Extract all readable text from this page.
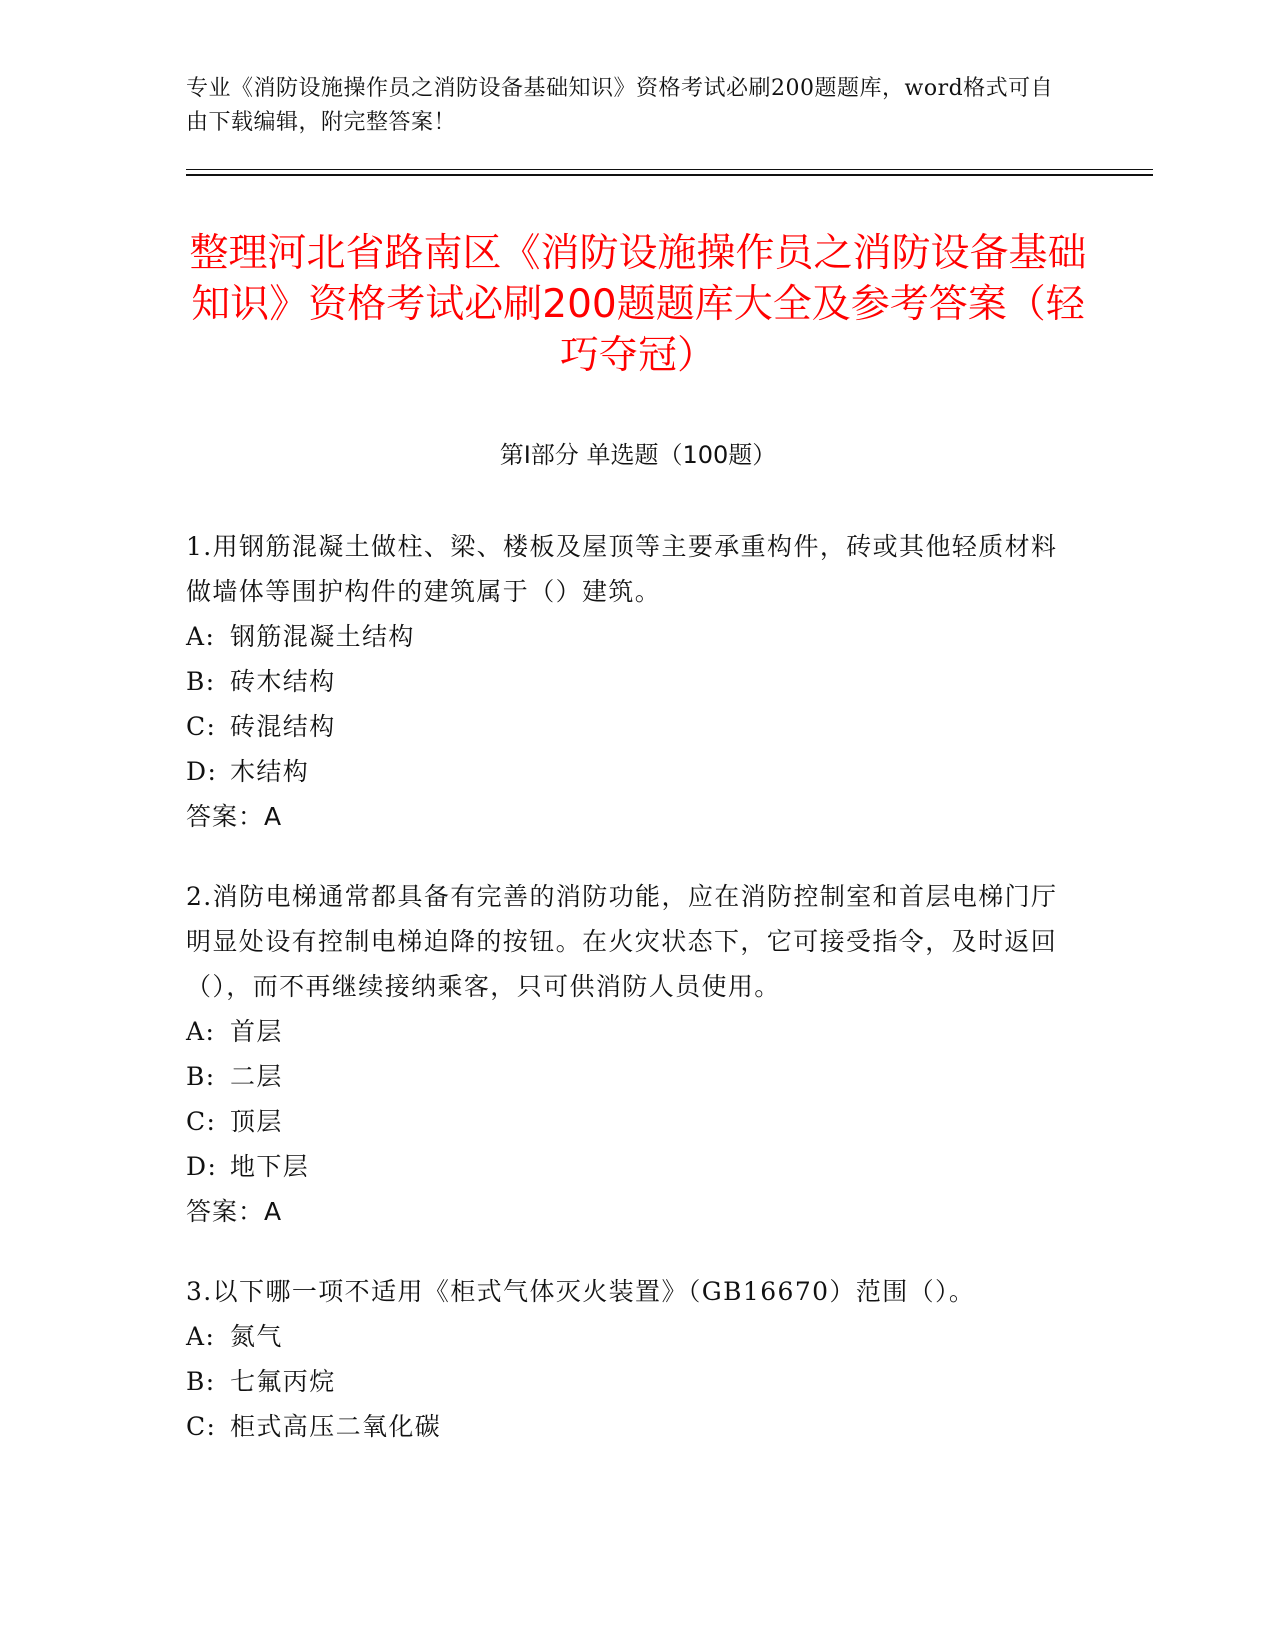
专业《消防设施操作员之消防设备基础知识》资格考试必刷200题题库，word格式可自由下载编辑，附完整答案！
整理河北省路南区《消防设施操作员之消防设备基础知识》资格考试必刷200题题库大全及参考答案（轻巧夺冠）
第Ⅰ部分 单选题（100题）
1.用钢筋混凝土做柱、梁、楼板及屋顶等主要承重构件，砖或其他轻质材料做墙体等围护构件的建筑属于（）建筑。
A: 钢筋混凝土结构
B: 砖木结构
C: 砖混结构
D: 木结构
答案：A
2.消防电梯通常都具备有完善的消防功能，应在消防控制室和首层电梯门厅明显处设有控制电梯迫降的按钮。在火灾状态下，它可接受指令，及时返回（），而不再继续接纳乘客，只可供消防人员使用。
A: 首层
B: 二层
C: 顶层
D: 地下层
答案：A
3.以下哪一项不适用《柜式气体灭火装置》（GB16670）范围（）。
A: 氮气
B: 七氟丙烷
C: 柜式高压二氧化碳
